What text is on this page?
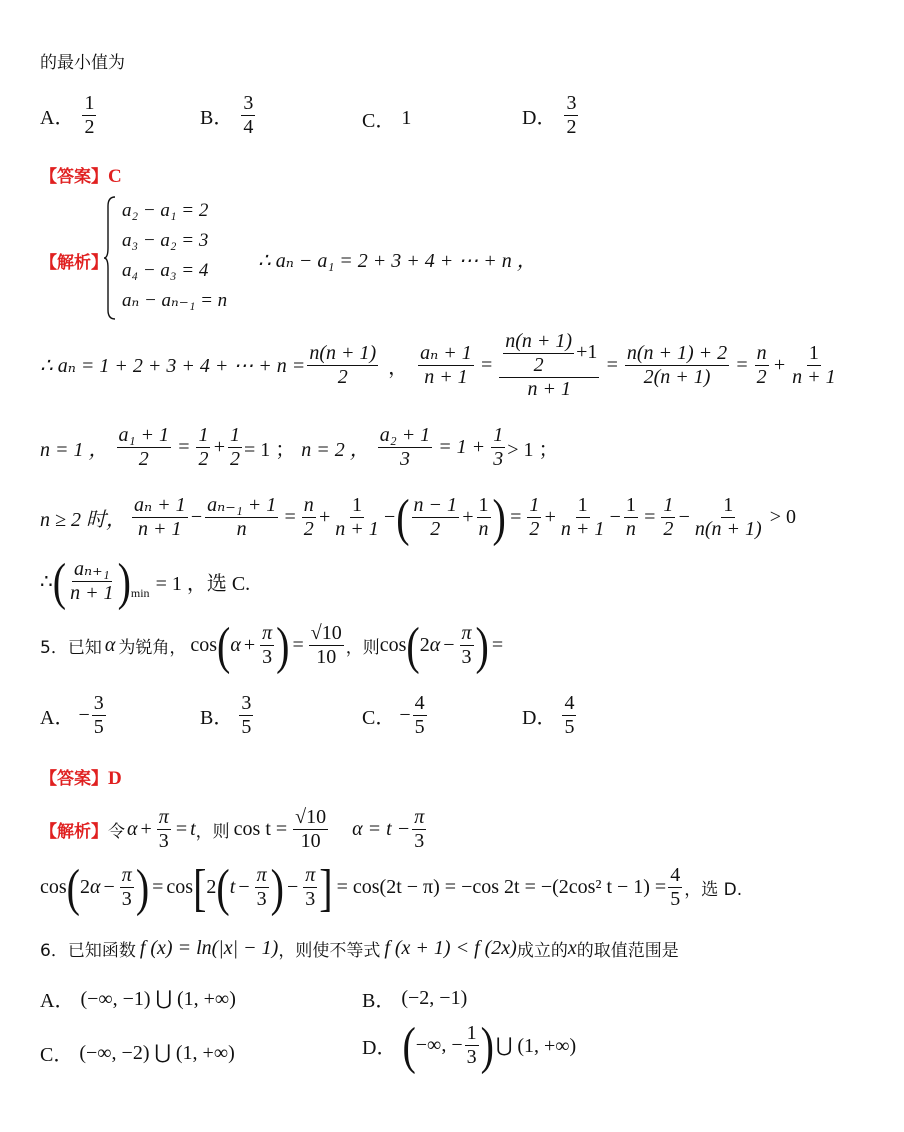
的最小值为
A． $\frac{1}{2}$	B． $\frac{3}{4}$	C． 1	D． $\frac{3}{2}$
【答案】C
【解析】
a₂ − a₁ = 2
a₃ − a₂ = 3
a₄ − a₃ = 4
aₙ − aₙ₋₁ = n
∴ aₙ − a₁ = 2 + 3 + 4 + ⋯ + n ，
∴ aₙ = 1 + 2 + 3 + 4 + ⋯ + $n = \frac{n(n + 1)}{2}$ ， $\frac{\text{aₙ + 1}}{n + 1} = \frac{\frac{n(n + 1)}{2} +1}{n + 1} = \frac{n(n + 1) + 2}{2(n + 1)} = \frac{n}{2} + \frac{1}{n + 1}$
n = 1 ， $\frac{\text{a₁ + 1}}{2} = \frac{1}{2} + \frac{1}{2} = 1$ ； n = 2 ， $\frac{\text{a₂ + 1}}{3} = 1 + \frac{1}{3} > 1$ ；
n ≥ 2 时， $\frac{\text{aₙ + 1}}{n + 1} - \frac{\text{aₙ₋₁ + 1}}{n} = \frac{n}{2} + \frac{1}{n + 1}$ − ( $\frac{n - 1}{2} + \frac{1}{n}$ ) = $\frac{1}{2} + \frac{1}{n + 1} - \frac{1}{n} = \frac{1}{2} - \frac{1}{n(n + 1)} > 0$
∴ ( $\frac{\text{aₙ₊₁}}{n + 1}$ ) min = 1 ，选 C.
5． 已知 α 为锐角， cos ( $\alpha + \frac{\pi}{3}$ ) = $\frac{√10}{10}$ ，则 cos ( 2 $\alpha - \frac{\pi}{3}$ ) =
A． − $\frac{3}{5}$	B． $\frac{3}{5}$	C． − $\frac{4}{5}$	D． $\frac{4}{5}$
【答案】D
【解析】 令 $\alpha + \frac{\pi}{3} = t$ ，则 $\cos t = \frac{√10}{10}$ $\alpha = t - \frac{\pi}{3}$
cos ( 2 $\alpha - \frac{\pi}{3}$ ) = cos [ 2 ( $t - \frac{\pi}{3}$ ) − $\frac{\pi}{3}$ ] = cos(2t − π) = −cos 2t = −(2cos² $t - 1) = \frac{4}{5}$ ，选 D.
6． 已知函数 f (x) = ln(|x| − 1) ，则使不等式 f (x + 1) < f (2x) 成立的 x 的取值范围是
A． (−∞, −1) ⋃ (1, +∞)	B． (−2, −1)
C． (−∞, −2) ⋃ (1, +∞)	D． ( −∞, − $\frac{1}{3}$ ) ⋃ (1, +∞)
